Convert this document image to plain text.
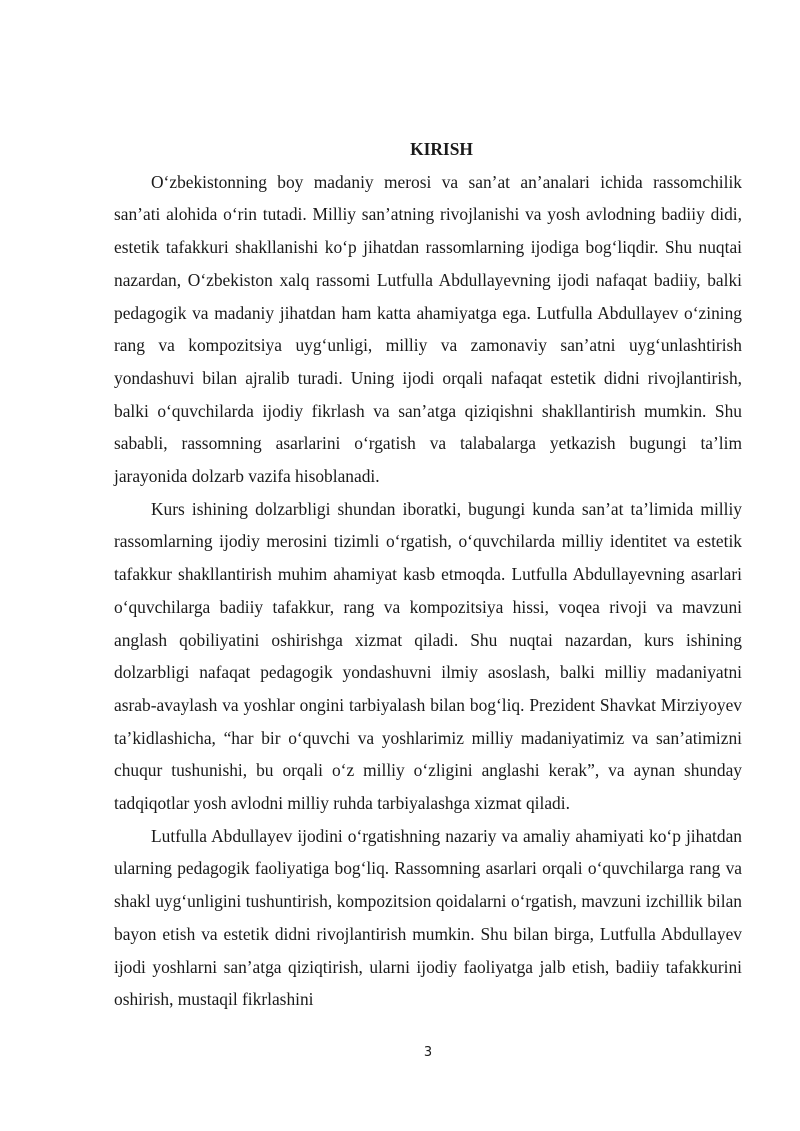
KIRISH

O‘zbekistonning boy madaniy merosi va san’at an’analari ichida rassomchilik san’ati alohida o‘rin tutadi. Milliy san’atning rivojlanishi va yosh avlodning badiiy didi, estetik tafakkuri shakllanishi ko‘p jihatdan rassomlarning ijodiga bog‘liqdir. Shu nuqtai nazardan, O‘zbekiston xalq rassomi Lutfulla Abdullayevning ijodi nafaqat badiiy, balki pedagogik va madaniy jihatdan ham katta ahamiyatga ega. Lutfulla Abdullayev o‘zining rang va kompozitsiya uyg‘unligi, milliy va zamonaviy san’atni uyg‘unlashtirish yondashuvi bilan ajralib turadi. Uning ijodi orqali nafaqat estetik didni rivojlantirish, balki o‘quvchilarda ijodiy fikrlash va san’atga qiziqishni shakllantirish mumkin. Shu sababli, rassomning asarlarini o‘rgatish va talabalarga yetkazish bugungi ta’lim jarayonida dolzarb vazifa hisoblanadi.

Kurs ishining dolzarbligi shundan iboratki, bugungi kunda san’at ta’limida milliy rassomlarning ijodiy merosini tizimli o‘rgatish, o‘quvchilarda milliy identitet va estetik tafakkur shakllantirish muhim ahamiyat kasb etmoqda. Lutfulla Abdullayevning asarlari o‘quvchilarga badiiy tafakkur, rang va kompozitsiya hissi, voqea rivoji va mavzuni anglash qobiliyatini oshirishga xizmat qiladi. Shu nuqtai nazardan, kurs ishining dolzarbligi nafaqat pedagogik yondashuvni ilmiy asoslash, balki milliy madaniyatni asrab-avaylash va yoshlar ongini tarbiyalash bilan bog‘liq. Prezident Shavkat Mirziyoyev ta’kidlashicha, “har bir o‘quvchi va yoshlarimiz milliy madaniyatimiz va san’atimizni chuqur tushunishi, bu orqali o‘z milliy o‘zligini anglashi kerak”, va aynan shunday tadqiqotlar yosh avlodni milliy ruhda tarbiyalashga xizmat qiladi.

Lutfulla Abdullayev ijodini o‘rgatishning nazariy va amaliy ahamiyati ko‘p jihatdan ularning pedagogik faoliyatiga bog‘liq. Rassomning asarlari orqali o‘quvchilarga rang va shakl uyg‘unligini tushuntirish, kompozitsion qoidalarni o‘rgatish, mavzuni izchillik bilan bayon etish va estetik didni rivojlantirish mumkin. Shu bilan birga, Lutfulla Abdullayev ijodi yoshlarni san’atga qiziqtirish, ularni ijodiy faoliyatga jalb etish, badiiy tafakkurini oshirish, mustaqil fikrlashini

3
